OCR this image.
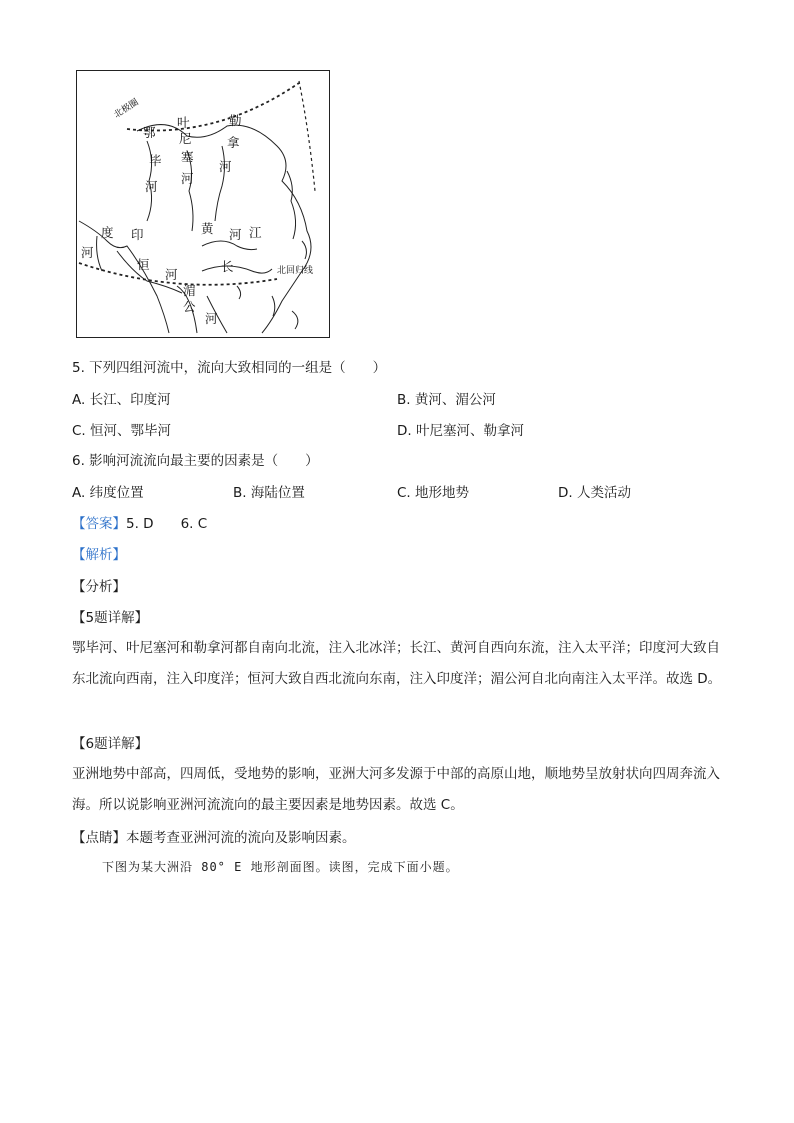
北极圈
鄂
毕
河
叶
尼
塞
河
勒
拿
河
黄 河
度 印
河
恒
河
长
江
北回归线
湄
公
河
5. 下列四组河流中，流向大致相同的一组是（　　）
A. 长江、印度河	B. 黄河、湄公河
C. 恒河、鄂毕河	D. 叶尼塞河、勒拿河
6. 影响河流流向最主要的因素是（　　）
A. 纬度位置	B. 海陆位置	C. 地形地势	D. 人类活动
【答案】5. D　　6. C
【解析】
【分析】
【5题详解】
鄂毕河、叶尼塞河和勒拿河都自南向北流，注入北冰洋；长江、黄河自西向东流，注入太平洋；印度河大致自东北流向西南，注入印度洋；恒河大致自西北流向东南，注入印度洋；湄公河自北向南注入太平洋。故选 D。
【6题详解】
亚洲地势中部高，四周低，受地势的影响，亚洲大河多发源于中部的高原山地，顺地势呈放射状向四周奔流入海。所以说影响亚洲河流流向的最主要因素是地势因素。故选 C。
【点睛】本题考查亚洲河流的流向及影响因素。
下图为某大洲沿 80° E 地形剖面图。读图，完成下面小题。
